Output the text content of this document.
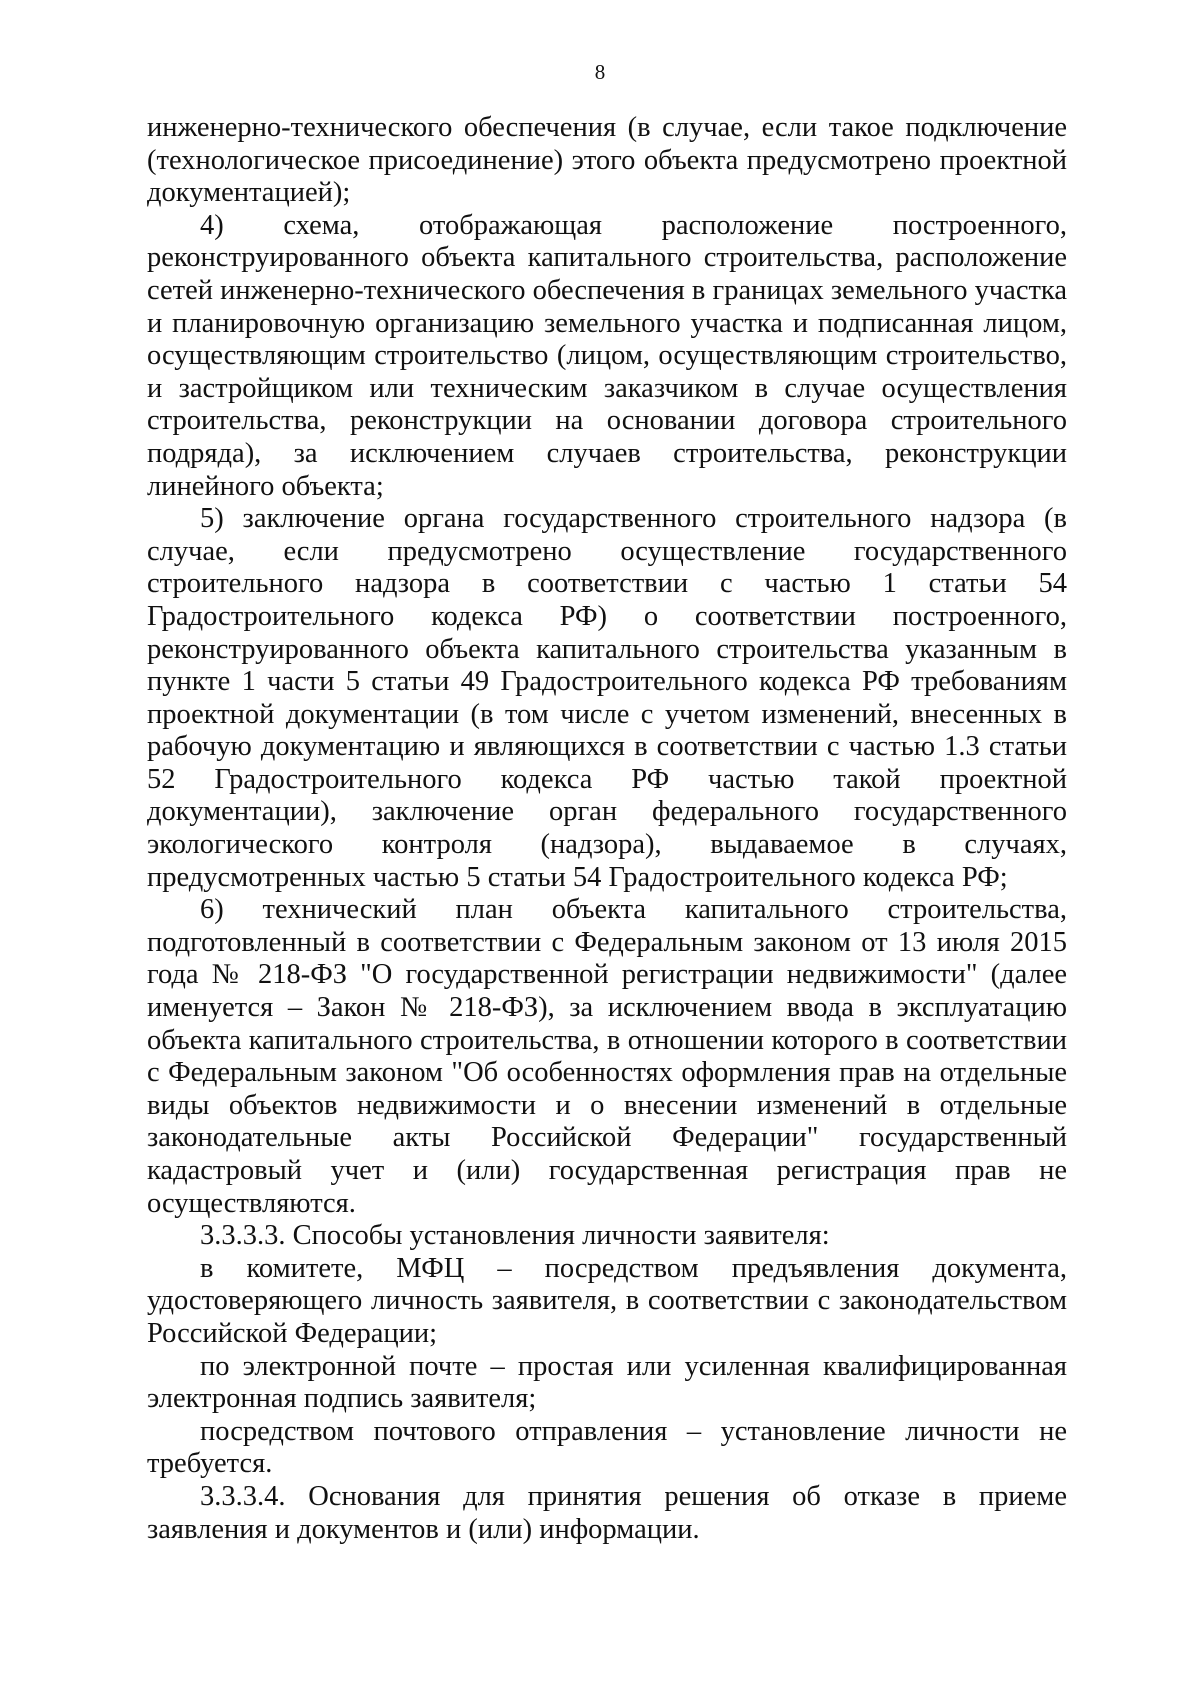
8

инженерно-технического обеспечения (в случае, если такое подключение (технологическое присоединение) этого объекта предусмотрено проектной документацией);

4) схема, отображающая расположение построенного, реконструированного объекта капитального строительства, расположение сетей инженерно-технического обеспечения в границах земельного участка и планировочную организацию земельного участка и подписанная лицом, осуществляющим строительство (лицом, осуществляющим строительство, и застройщиком или техническим заказчиком в случае осуществления строительства, реконструкции на основании договора строительного подряда), за исключением случаев строительства, реконструкции линейного объекта;

5) заключение органа государственного строительного надзора (в случае, если предусмотрено осуществление государственного строительного надзора в соответствии с частью 1 статьи 54 Градостроительного кодекса РФ) о соответствии построенного, реконструированного объекта капитального строительства указанным в пункте 1 части 5 статьи 49 Градостроительного кодекса РФ требованиям проектной документации (в том числе с учетом изменений, внесенных в рабочую документацию и являющихся в соответствии с частью 1.3 статьи 52 Градостроительного кодекса РФ частью такой проектной документации), заключение орган федерального государственного экологического контроля (надзора), выдаваемое в случаях, предусмотренных частью 5 статьи 54 Градостроительного кодекса РФ;

6) технический план объекта капитального строительства, подготовленный в соответствии с Федеральным законом от 13 июля 2015 года № 218-ФЗ "О государственной регистрации недвижимости" (далее именуется – Закон № 218-ФЗ), за исключением ввода в эксплуатацию объекта капитального строительства, в отношении которого в соответствии с Федеральным законом "Об особенностях оформления прав на отдельные виды объектов недвижимости и о внесении изменений в отдельные законодательные акты Российской Федерации" государственный кадастровый учет и (или) государственная регистрация прав не осуществляются.

3.3.3.3. Способы установления личности заявителя:

в комитете, МФЦ – посредством предъявления документа, удостоверяющего личность заявителя, в соответствии с законодательством Российской Федерации;

по электронной почте – простая или усиленная квалифицированная электронная подпись заявителя;

посредством почтового отправления – установление личности не требуется.

3.3.3.4. Основания для принятия решения об отказе в приеме заявления и документов и (или) информации.
